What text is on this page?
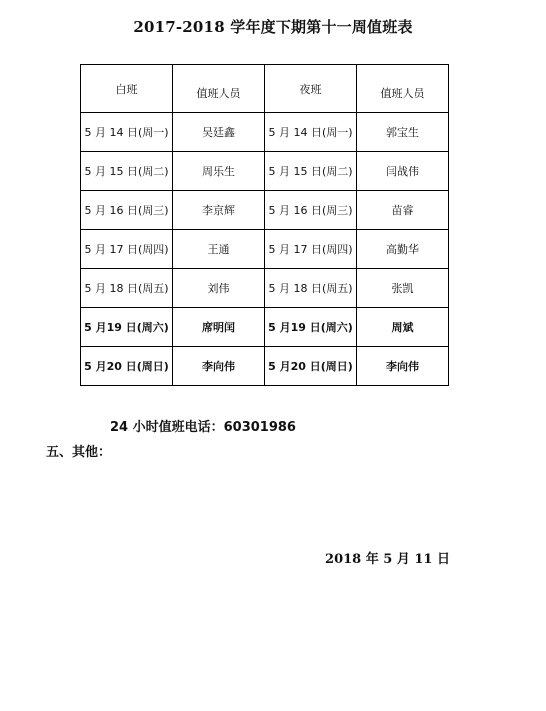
2017-2018 学年度下期第十一周值班表
白班	值班人员	夜班	值班人员
5 月 14 日(周一)	吴廷鑫	5 月 14 日(周一)	郭宝生
5 月 15 日(周二)	周乐生	5 月 15 日(周二)	闫战伟
5 月 16 日(周三)	李京辉	5 月 16 日(周三)	苗睿
5 月 17 日(周四)	王通	5 月 17 日(周四)	高勤华
5 月 18 日(周五)	刘伟	5 月 18 日(周五)	张凯
5 月19 日(周六)	席明闰	5 月19 日(周六)	周斌
5 月20 日(周日)	李向伟	5 月20 日(周日)	李向伟
24 小时值班电话：60301986
五、其他：
2018 年 5 月 11 日
